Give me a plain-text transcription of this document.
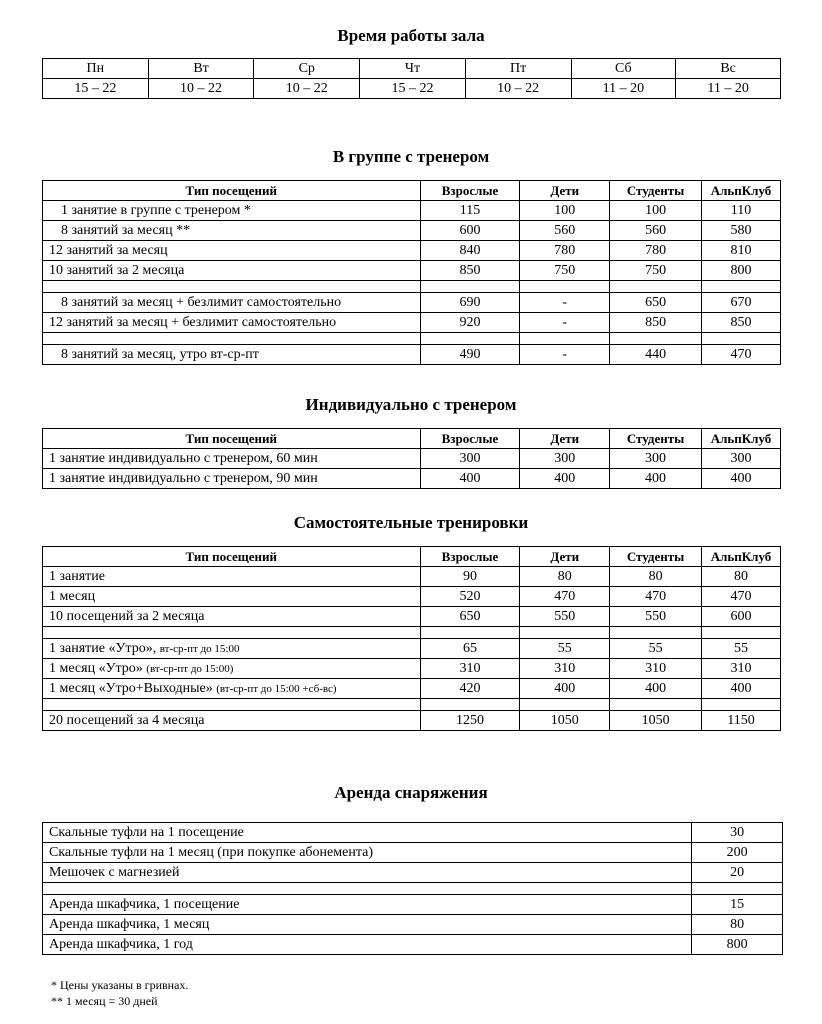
Время работы зала
Пн	Вт	Ср	Чт	Пт	Сб	Вс
15 – 22	10 – 22	10 – 22	15 – 22	10 – 22	11 – 20	11 – 20
В группе с тренером
Тип посещений	Взрослые	Дети	Студенты	АльпКлуб
1 занятие в группе с тренером *	115	100	100	110
8 занятий за месяц **	600	560	560	580
12 занятий за месяц	840	780	780	810
10 занятий за 2 месяца	850	750	750	800

8 занятий за месяц + безлимит самостоятельно	690	-	650	670
12 занятий за месяц + безлимит самостоятельно	920	-	850	850

8 занятий за месяц, утро вт-ср-пт	490	-	440	470
Индивидуально с тренером
Тип посещений	Взрослые	Дети	Студенты	АльпКлуб
1 занятие индивидуально с тренером, 60 мин	300	300	300	300
1 занятие индивидуально с тренером, 90 мин	400	400	400	400
Самостоятельные тренировки
Тип посещений	Взрослые	Дети	Студенты	АльпКлуб
1 занятие	90	80	80	80
1 месяц	520	470	470	470
10 посещений за 2 месяца	650	550	550	600

1 занятие «Утро», вт-ср-пт до 15:00	65	55	55	55
1 месяц «Утро» (вт-ср-пт до 15:00)	310	310	310	310
1 месяц «Утро+Выходные» (вт-ср-пт до 15:00 +сб-вс)	420	400	400	400

20 посещений за 4 месяца	1250	1050	1050	1150
Аренда снаряжения
Скальные туфли на 1 посещение	30
Скальные туфли на 1 месяц (при покупке абонемента)	200
Мешочек с магнезией	20

Аренда шкафчика, 1 посещение	15
Аренда шкафчика, 1 месяц	80
Аренда шкафчика, 1 год	800
* Цены указаны в гривнах.
** 1 месяц = 30 дней
